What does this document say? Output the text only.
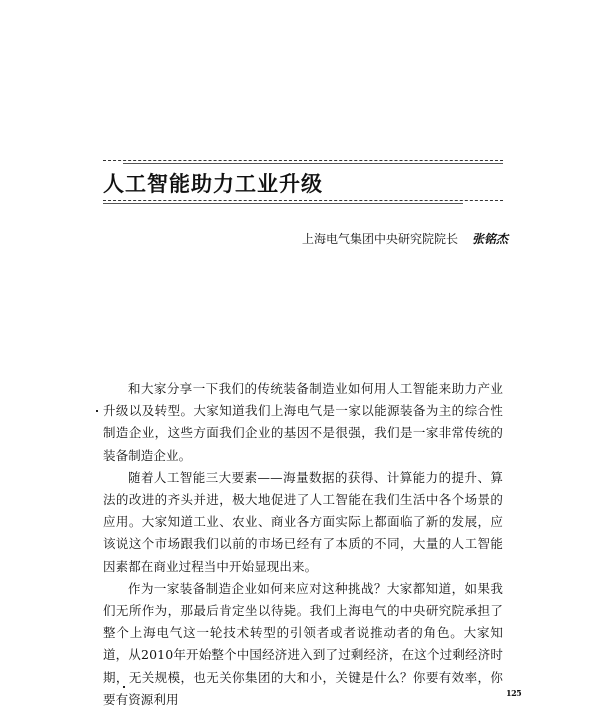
人工智能助力工业升级
上海电气集团中央研究院院长 张铭杰

和大家分享一下我们的传统装备制造业如何用人工智能来助力产业升级以及转型。大家知道我们上海电气是一家以能源装备为主的综合性制造企业，这些方面我们企业的基因不是很强，我们是一家非常传统的装备制造企业。

随着人工智能三大要素——海量数据的获得、计算能力的提升、算法的改进的齐头并进，极大地促进了人工智能在我们生活中各个场景的应用。大家知道工业、农业、商业各方面实际上都面临了新的发展，应该说这个市场跟我们以前的市场已经有了本质的不同，大量的人工智能因素都在商业过程当中开始显现出来。

作为一家装备制造企业如何来应对这种挑战？大家都知道，如果我们无所作为，那最后肯定坐以待毙。我们上海电气的中央研究院承担了整个上海电气这一轮技术转型的引领者或者说推动者的角色。大家知道，从2010年开始整个中国经济进入到了过剩经济，在这个过剩经济时期，无关规模，也无关你集团的大和小，关键是什么？你要有效率，你要有资源利用	125
